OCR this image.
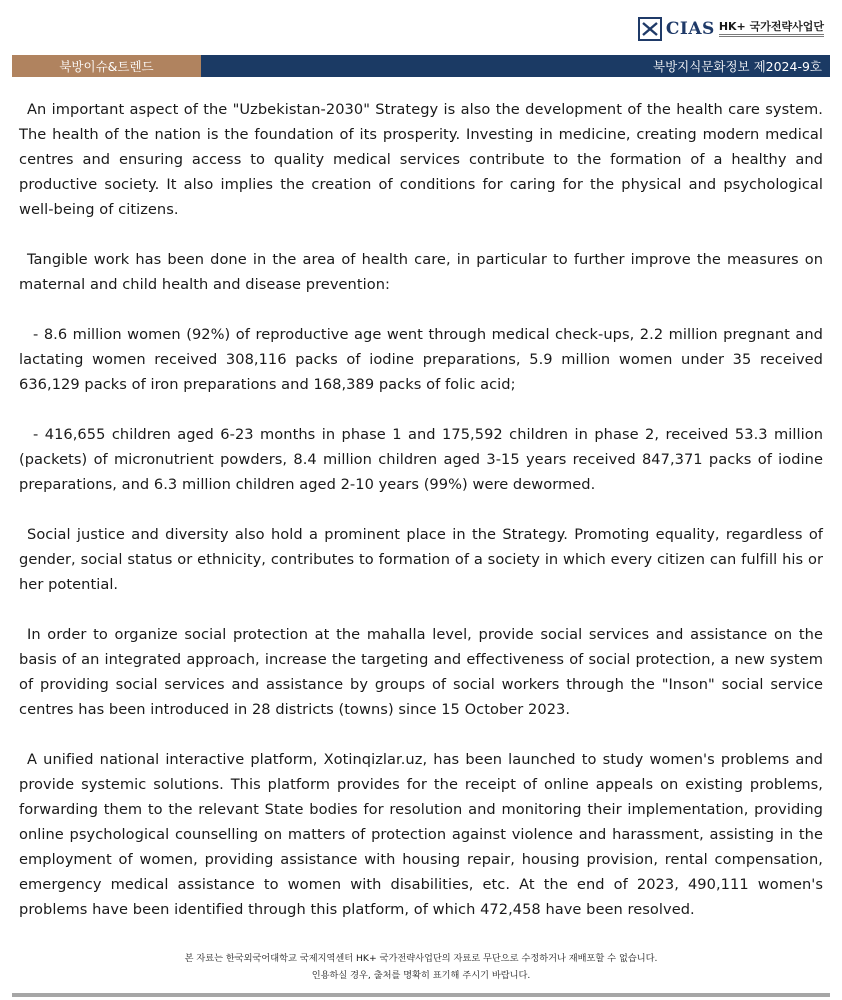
CIAS HK+ 국가전략사업단
북방이슈&트렌드	북방지식문화정보 제2024-9호

An important aspect of the "Uzbekistan-2030" Strategy is also the development of the health care system. The health of the nation is the foundation of its prosperity. Investing in medicine, creating modern medical centres and ensuring access to quality medical services contribute to the formation of a healthy and productive society. It also implies the creation of conditions for caring for the physical and psychological well-being of citizens.

Tangible work has been done in the area of health care, in particular to further improve the measures on maternal and child health and disease prevention:

- 8.6 million women (92%) of reproductive age went through medical check-ups, 2.2 million pregnant and lactating women received 308,116 packs of iodine preparations, 5.9 million women under 35 received 636,129 packs of iron preparations and 168,389 packs of folic acid;

- 416,655 children aged 6-23 months in phase 1 and 175,592 children in phase 2, received 53.3 million (packets) of micronutrient powders, 8.4 million children aged 3-15 years received 847,371 packs of iodine preparations, and 6.3 million children aged 2-10 years (99%) were dewormed.

Social justice and diversity also hold a prominent place in the Strategy. Promoting equality, regardless of gender, social status or ethnicity, contributes to formation of a society in which every citizen can fulfill his or her potential.

In order to organize social protection at the mahalla level, provide social services and assistance on the basis of an integrated approach, increase the targeting and effectiveness of social protection, a new system of providing social services and assistance by groups of social workers through the "Inson" social service centres has been introduced in 28 districts (towns) since 15 October 2023.

A unified national interactive platform, Xotinqizlar.uz, has been launched to study women's problems and provide systemic solutions. This platform provides for the receipt of online appeals on existing problems, forwarding them to the relevant State bodies for resolution and monitoring their implementation, providing online psychological counselling on matters of protection against violence and harassment, assisting in the employment of women, providing assistance with housing repair, housing provision, rental compensation, emergency medical assistance to women with disabilities, etc. At the end of 2023, 490,111 women's problems have been identified through this platform, of which 472,458 have been resolved.

본 자료는 한국외국어대학교 국제지역센터 HK+ 국가전략사업단의 자료로 무단으로 수정하거나 재배포할 수 없습니다.
인용하실 경우, 출처를 명확히 표기해 주시기 바랍니다.
